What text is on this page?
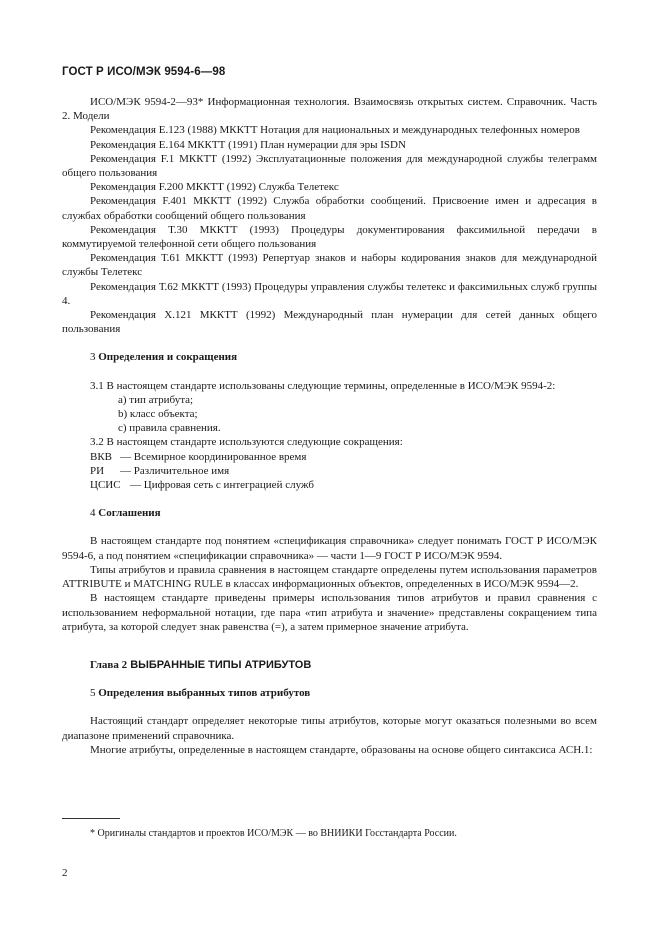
ГОСТ Р ИСО/МЭК 9594-6—98

ИСО/МЭК 9594-2—93* Информационная технология. Взаимосвязь открытых систем. Справочник. Часть 2. Модели

Рекомендация Е.123 (1988) МККТТ Нотация для национальных и международных телефонных номеров

Рекомендация Е.164 МККТТ (1991) План нумерации для эры ISDN

Рекомендация F.1 МККТТ (1992) Эксплуатационные положения для международной службы телеграмм общего пользования

Рекомендация F.200 МККТТ (1992) Служба Телетекс

Рекомендация F.401 МККТТ (1992) Служба обработки сообщений. Присвоение имен и адресация в службах обработки сообщений общего пользования

Рекомендация Т.30 МККТТ (1993) Процедуры документирования факсимильной передачи в коммутируемой телефонной сети общего пользования

Рекомендация Т.61 МККТТ (1993) Репертуар знаков и наборы кодирования знаков для международной службы Телетекс

Рекомендация Т.62 МККТТ (1993) Процедуры управления службы телетекс и факсимильных служб группы 4.

Рекомендация Х.121 МККТТ (1992) Международный план нумерации для сетей данных общего пользования

3 Определения и сокращения

3.1 В настоящем стандарте использованы следующие термины, определенные в ИСО/МЭК 9594-2:

a) тип атрибута;

b) класс объекта;

c) правила сравнения.

3.2 В настоящем стандарте используются следующие сокращения:

ВКВ — Всемирное координированное время
РИ	— Различительное имя
ЦСИС — Цифровая сеть с интеграцией служб

4 Соглашения

В настоящем стандарте под понятием «спецификация справочника» следует понимать ГОСТ Р ИСО/МЭК 9594-6, а под понятием «спецификации справочника» — части 1—9 ГОСТ Р ИСО/МЭК 9594.

Типы атрибутов и правила сравнения в настоящем стандарте определены путем использования параметров ATTRIBUTE и MATCHING RULE в классах информационных объектов, определенных в ИСО/МЭК 9594—2.

В настоящем стандарте приведены примеры использования типов атрибутов и правил сравнения с использованием неформальной нотации, где пара «тип атрибута и значение» представлены сокращением типа атрибута, за которой следует знак равенства (=), а затем примерное значение атрибута.

Глава 2 ВЫБРАННЫЕ ТИПЫ АТРИБУТОВ

5 Определения выбранных типов атрибутов

Настоящий стандарт определяет некоторые типы атрибутов, которые могут оказаться полезными во всем диапазоне применений справочника.

Многие атрибуты, определенные в настоящем стандарте, образованы на основе общего синтаксиса АСН.1:

* Оригиналы стандартов и проектов ИСО/МЭК — во ВНИИКИ Госстандарта России.
2
